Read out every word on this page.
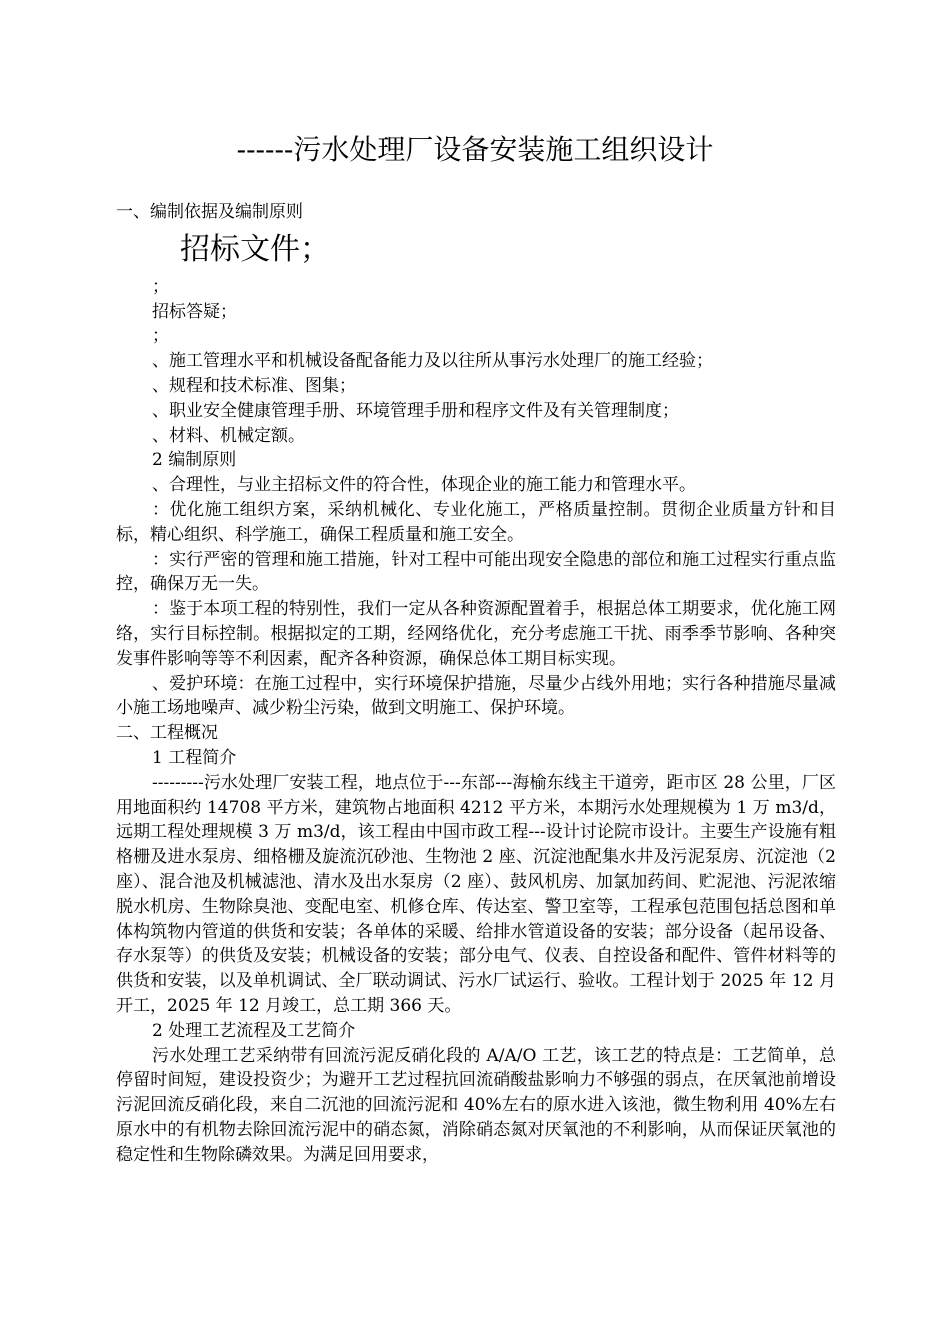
------污水处理厂设备安装施工组织设计
一、编制依据及编制原则
招标文件；
；
招标答疑；
；
、施工管理水平和机械设备配备能力及以往所从事污水处理厂的施工经验；
、规程和技术标准、图集；
、职业安全健康管理手册、环境管理手册和程序文件及有关管理制度；
、材料、机械定额。
2 编制原则
、合理性，与业主招标文件的符合性，体现企业的施工能力和管理水平。
：优化施工组织方案，采纳机械化、专业化施工，严格质量控制。贯彻企业质量方针和目标，精心组织、科学施工，确保工程质量和施工安全。
：实行严密的管理和施工措施，针对工程中可能出现安全隐患的部位和施工过程实行重点监控，确保万无一失。
：鉴于本项工程的特别性，我们一定从各种资源配置着手，根据总体工期要求，优化施工网络，实行目标控制。根据拟定的工期，经网络优化，充分考虑施工干扰、雨季季节影响、各种突发事件影响等等不利因素，配齐各种资源，确保总体工期目标实现。
、爱护环境：在施工过程中，实行环境保护措施，尽量少占线外用地；实行各种措施尽量减小施工场地噪声、减少粉尘污染，做到文明施工、保护环境。
二、工程概况
1 工程简介
---------污水处理厂安装工程，地点位于---东部---海榆东线主干道旁，距市区 28 公里，厂区用地面积约 14708 平方米，建筑物占地面积 4212 平方米，本期污水处理规模为 1 万 m3/d，远期工程处理规模 3 万 m3/d，该工程由中国市政工程---设计讨论院市设计。主要生产设施有粗格栅及进水泵房、细格栅及旋流沉砂池、生物池 2 座、沉淀池配集水井及污泥泵房、沉淀池（2 座）、混合池及机械滤池、清水及出水泵房（2 座）、鼓风机房、加氯加药间、贮泥池、污泥浓缩脱水机房、生物除臭池、变配电室、机修仓库、传达室、警卫室等，工程承包范围包括总图和单体构筑物内管道的供货和安装；各单体的采暖、给排水管道设备的安装；部分设备（起吊设备、存水泵等）的供货及安装；机械设备的安装；部分电气、仪表、自控设备和配件、管件材料等的供货和安装，以及单机调试、全厂联动调试、污水厂试运行、验收。工程计划于 2025 年 12 月开工，2025 年 12 月竣工，总工期 366 天。
2 处理工艺流程及工艺简介
污水处理工艺采纳带有回流污泥反硝化段的 A/A/O 工艺，该工艺的特点是：工艺简单，总停留时间短，建设投资少；为避开工艺过程抗回流硝酸盐影响力不够强的弱点，在厌氧池前增设污泥回流反硝化段，来自二沉池的回流污泥和 40%左右的原水进入该池，微生物利用 40%左右原水中的有机物去除回流污泥中的硝态氮，消除硝态氮对厌氧池的不利影响，从而保证厌氧池的稳定性和生物除磷效果。为满足回用要求，
